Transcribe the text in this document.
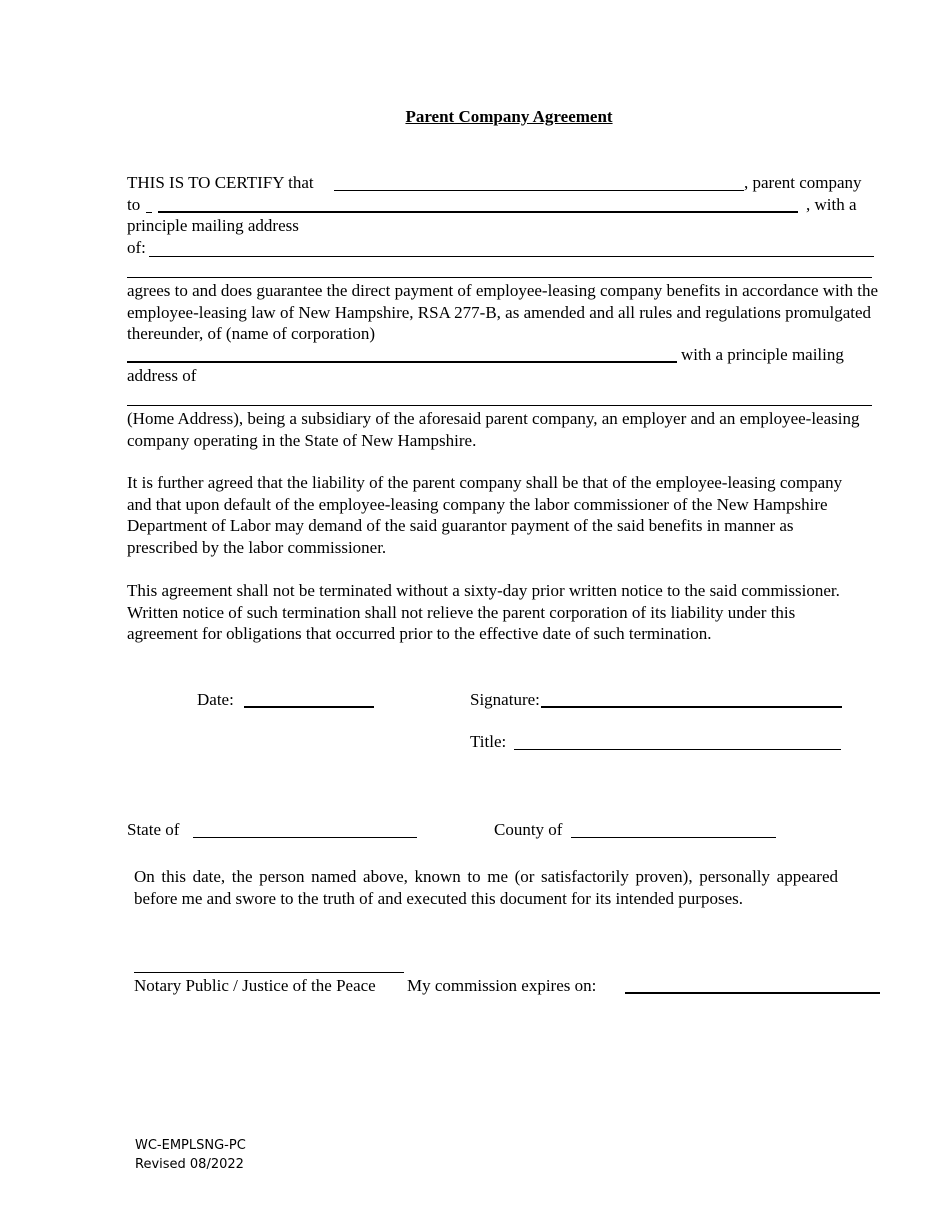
Parent Company Agreement
THIS IS TO CERTIFY that	, parent company
to	, with a
principle mailing address
of:

agrees to and does guarantee the direct payment of employee-leasing company benefits in accordance with the employee-leasing law of New Hampshire, RSA 277-B, as amended and all rules and regulations promulgated thereunder, of (name of corporation)

with a principle mailing
address of

(Home Address), being a subsidiary of the aforesaid parent company, an employer and an employee-leasing company operating in the State of New Hampshire.

It is further agreed that the liability of the parent company shall be that of the employee-leasing company and that upon default of the employee-leasing company the labor commissioner of the New Hampshire Department of Labor may demand of the said guarantor payment of the said benefits in manner as prescribed by the labor commissioner.

This agreement shall not be terminated without a sixty-day prior written notice to the said commissioner. Written notice of such termination shall not relieve the parent corporation of its liability under this agreement for obligations that occurred prior to the effective date of such termination.

Date:	Signature:
Title:
State of	County of

On this date, the person named above, known to me (or satisfactorily proven), personally appeared before me and swore to the truth of and executed this document for its intended purposes.

Notary Public / Justice of the Peace My commission expires on:
WC-EMPLSNG-PC
Revised 08/2022
